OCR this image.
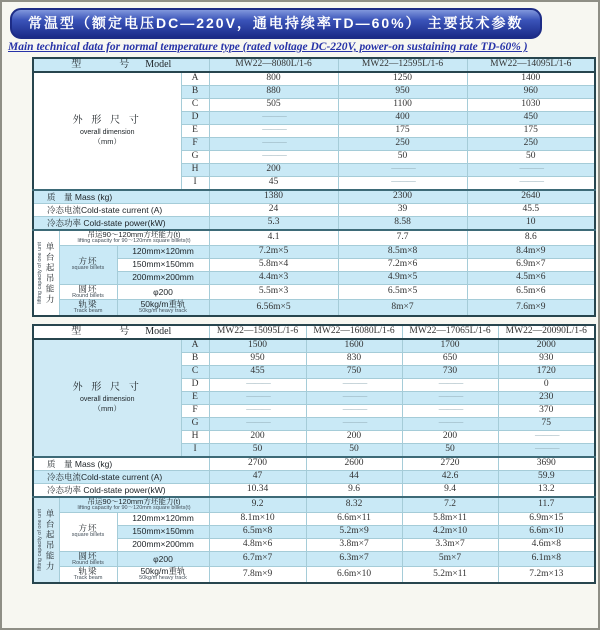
常温型（额定电压DC—220V，通电持续率TD—60%） 主要技术参数
Main technical data for normal temperature type (rated voltage DC-220V, power-on sustaining rate TD-60% )
型　号 Model				MW22—8080L/1-6	MW22—12595L/1-6	MW22—14095L/1-6

外 形 尺 寸
overall dimension
（mm）			A	800	1250	1400
			B	880	950	960
			C	505	1100	1030
			D	———	400	450
			E	———	175	175
			F	———	250	250
			G	———	50	50
			H	200	———	———
			I	45	———	———
质　量 Mass (kg)				1380	2300	2640
冷态电流Cold-state current (A)				24	39	45.5
冷态功率 Cold-state power(kW)				5.3	8.58	10

lifting capacity of one unit 单台起吊能力

吊运90～120mm方坯能力(t)
lifting capacity for 90～120mm square billets(t)	4.1	7.7	8.6

	方坯
square billets	120mm×120mm		7.2m×5	8.5m×8	8.4m×9
		150mm×150mm		5.8m×4	7.2m×6	6.9m×7
		200mm×200mm		4.4m×3	4.9m×5	4.5m×6

	圆坯
Round billets	φ200		5.5m×3	6.5m×5	6.5m×6

轨梁
Track beam

50kg/m重轨
50kg/m heavy track	6.56m×5	8m×7	7.6m×9
型　号 Model				MW22—15095L/1-6	MW22—16080L/1-6	MW22—17065L/1-6	MW22—20090L/1-6

外 形 尺 寸
overall dimension
（mm）			A	1500	1600	1700	2000
			B	950	830	650	930
			C	455	750	730	1720
			D	———	———	———	0
			E	———	———	———	230
			F	———	———	———	370
			G	———	———	———	75
			H	200	200	200	———
			I	50	50	50	———
质　量 Mass (kg)				2700	2600	2720	3690
冷态电流Cold-state current (A)				47	44	42.6	59.9
冷态功率 Cold-state power(kW)				10.34	9.6	9.4	13.2

lifting capacity of one unit 单台起吊能力

吊运90～120mm方坯能力(t)
lifting capacity for 90～120mm square billets(t)	9.2	8.32	7.2	11.7

	方坯
square billets	120mm×120mm		8.1m×10	6.6m×11	5.8m×11	6.9m×15
		150mm×150mm		6.5m×8	5.2m×9	4.2m×10	6.6m×10
		200mm×200mm		4.8m×6	3.8m×7	3.3m×7	4.6m×8

	圆坯
Round billets	φ200		6.7m×7	6.3m×7	5m×7	6.1m×8

轨梁
Track beam

50kg/m重轨
50kg/m heavy track	7.8m×9	6.6m×10	5.2m×11	7.2m×13
